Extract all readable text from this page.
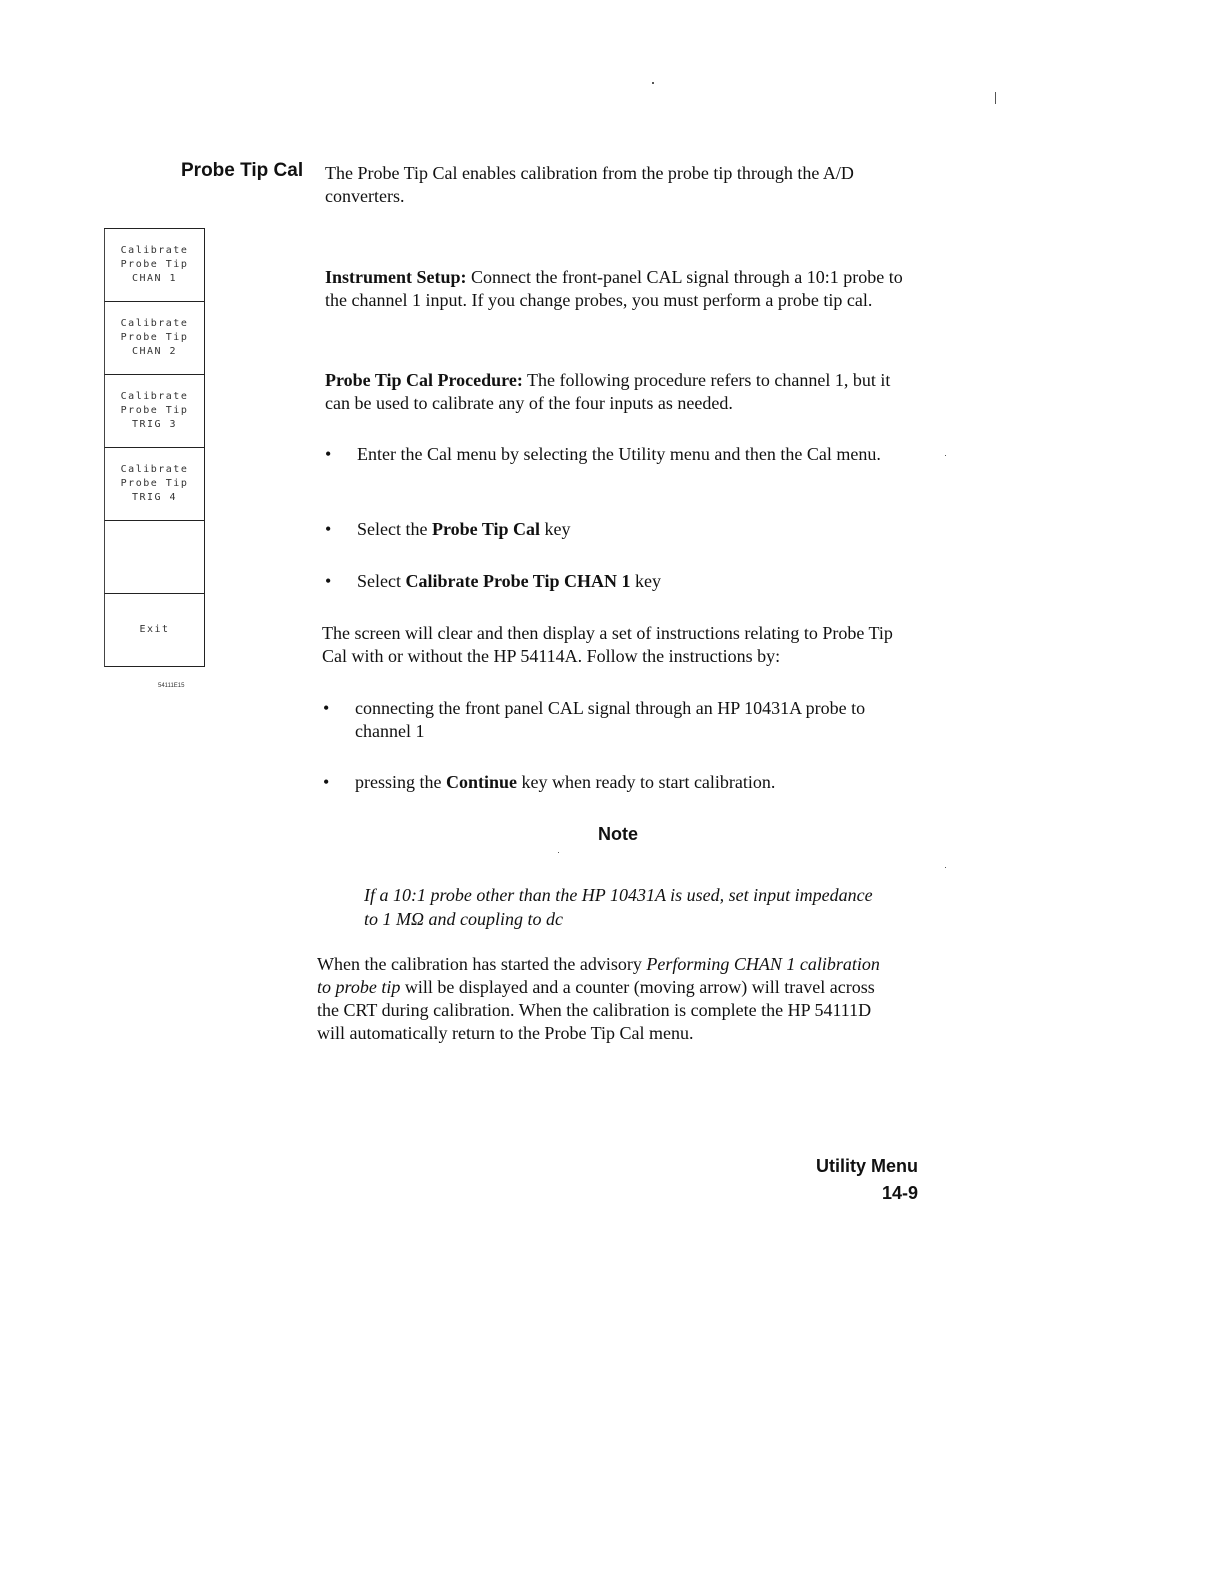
Probe Tip Cal
Calibrate
Probe Tip
CHAN 1
Calibrate
Probe Tip
CHAN 2
Calibrate
Probe Tip
TRIG 3
Calibrate
Probe Tip
TRIG 4
Exit
54111E15

The Probe Tip Cal enables calibration from the probe tip through the A/D converters.

Instrument Setup: Connect the front-panel CAL signal through a 10:1 probe to the channel 1 input. If you change probes, you must perform a probe tip cal.

Probe Tip Cal Procedure: The following procedure refers to channel 1, but it can be used to calibrate any of the four inputs as needed.

• Enter the Cal menu by selecting the Utility menu and then the Cal menu.
• Select the Probe Tip Cal key
• Select Calibrate Probe Tip CHAN 1 key

The screen will clear and then display a set of instructions relating to Probe Tip Cal with or without the HP 54114A. Follow the instructions by:

• connecting the front panel CAL signal through an HP 10431A probe to channel 1
• pressing the Continue key when ready to start calibration.
Note
If a 10:1 probe other than the HP 10431A is used, set input impedance to 1 MΩ and coupling to dc

When the calibration has started the advisory Performing CHAN 1 calibration to probe tip will be displayed and a counter (moving arrow) will travel across the CRT during calibration. When the calibration is complete the HP 54111D will automatically return to the Probe Tip Cal menu.

Utility Menu
14-9
